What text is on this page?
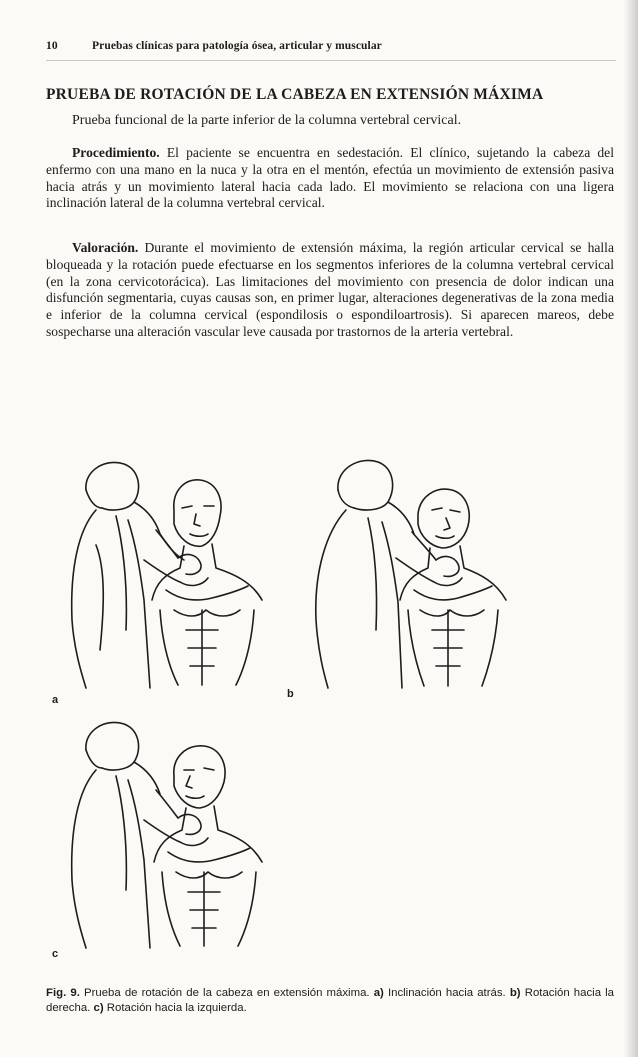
10	Pruebas clínicas para patología ósea, articular y muscular
PRUEBA DE ROTACIÓN DE LA CABEZA EN EXTENSIÓN MÁXIMA
Prueba funcional de la parte inferior de la columna vertebral cervical.

Procedimiento. El paciente se encuentra en sedestación. El clínico, sujetando la cabeza del enfermo con una mano en la nuca y la otra en el mentón, efectúa un movimiento de extensión pasiva hacia atrás y un movimiento lateral hacia cada lado. El movimiento se relaciona con una ligera inclinación lateral de la columna vertebral cervical.

Valoración. Durante el movimiento de extensión máxima, la región articular cervical se halla bloqueada y la rotación puede efectuarse en los segmentos inferiores de la columna vertebral cervical (en la zona cervicotorácica). Las limitaciones del movimiento con presencia de dolor indican una disfunción segmentaria, cuyas causas son, en primer lugar, alteraciones degenerativas de la zona media e inferior de la columna cervical (espondilosis o espondiloartrosis). Si aparecen mareos, debe sospecharse una alteración vascular leve causada por trastornos de la arteria vertebral.

a	b
c
Fig. 9. Prueba de rotación de la cabeza en extensión máxima. a) Inclinación hacia atrás. b) Rotación hacia la derecha. c) Rotación hacia la izquierda.
